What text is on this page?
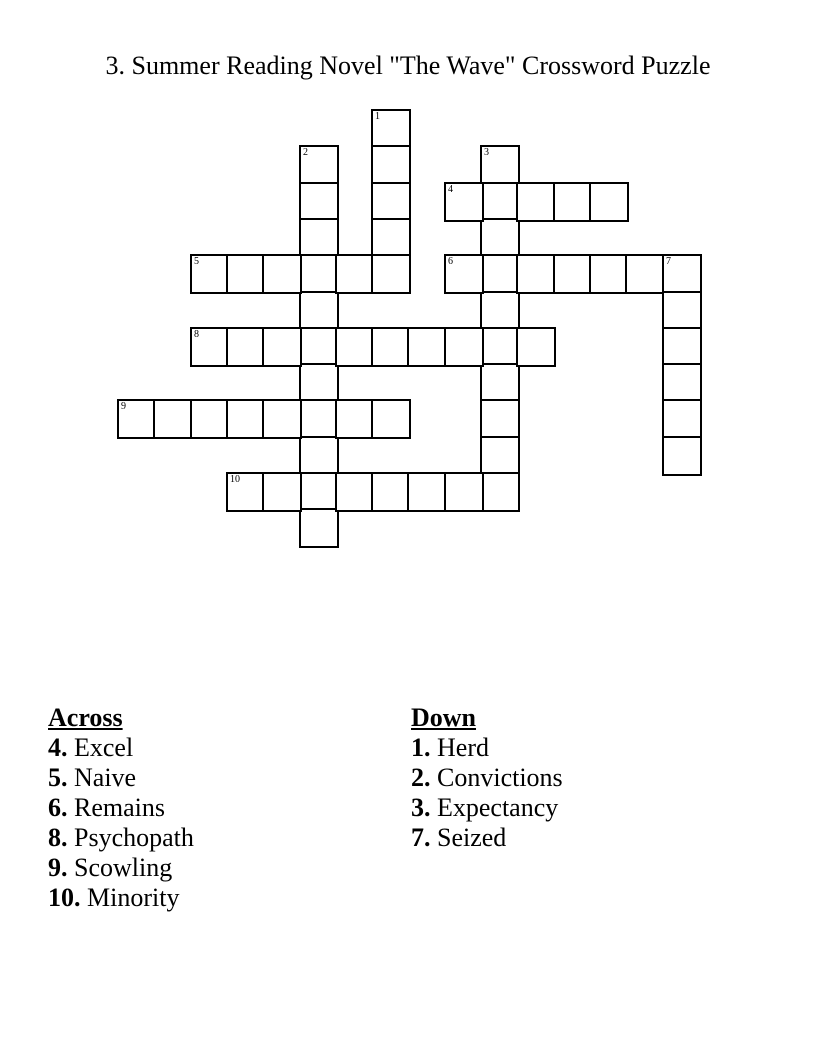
3. Summer Reading Novel "The Wave" Crossword Puzzle
1
2	3
4
5	6	7
8
9
10
Across
4. Excel
5. Naive
6. Remains
8. Psychopath
9. Scowling
10. Minority
Down
1. Herd
2. Convictions
3. Expectancy
7. Seized
